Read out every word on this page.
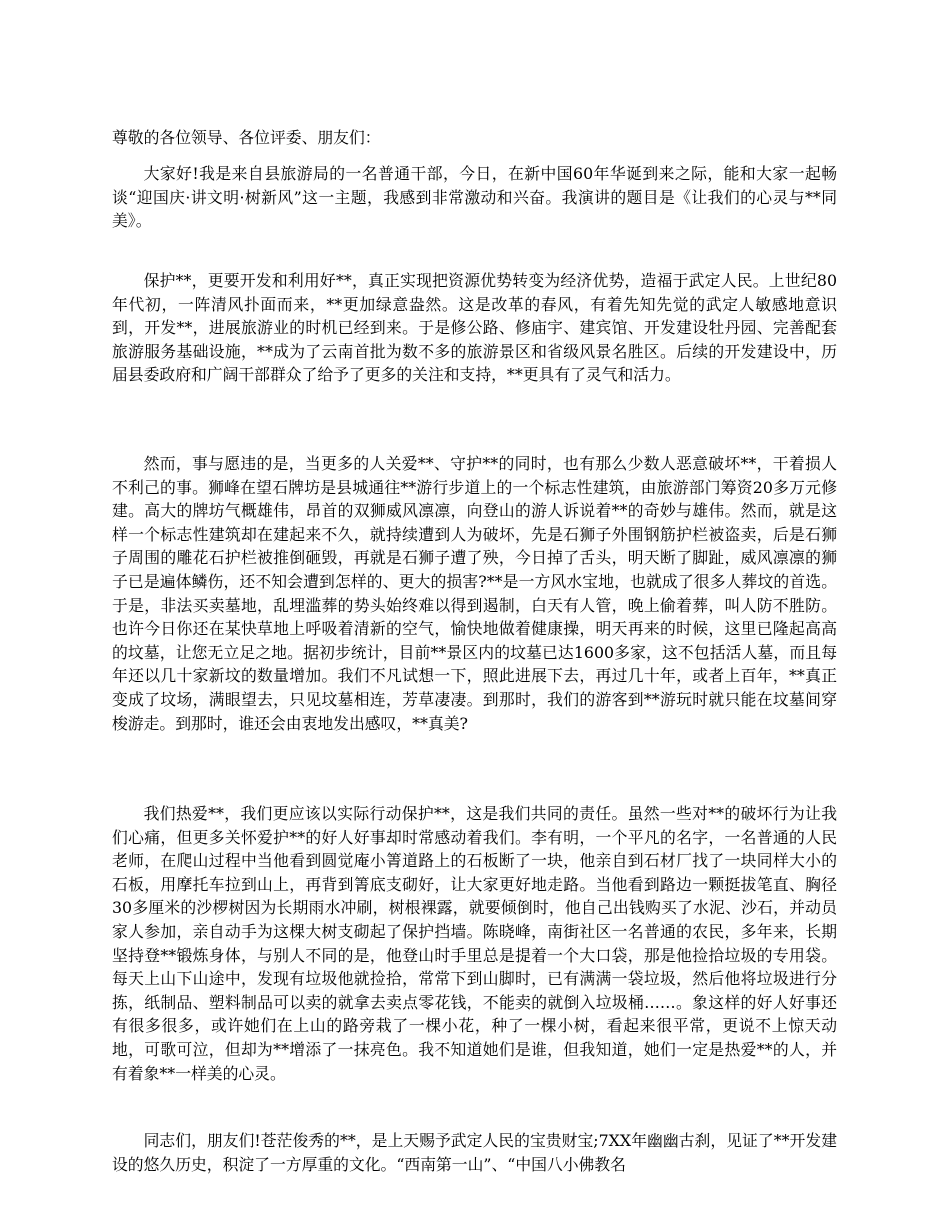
尊敬的各位领导、各位评委、朋友们：

大家好!我是来自县旅游局的一名普通干部，今日，在新中国60年华诞到来之际，能和大家一起畅谈“迎国庆·讲文明·树新风”这一主题，我感到非常激动和兴奋。我演讲的题目是《让我们的心灵与**同美》。

保护**，更要开发和利用好**，真正实现把资源优势转变为经济优势，造福于武定人民。上世纪80年代初，一阵清风扑面而来，**更加绿意盎然。这是改革的春风，有着先知先觉的武定人敏感地意识到，开发**，进展旅游业的时机已经到来。于是修公路、修庙宇、建宾馆、开发建设牡丹园、完善配套旅游服务基础设施，**成为了云南首批为数不多的旅游景区和省级风景名胜区。后续的开发建设中，历届县委政府和广阔干部群众了给予了更多的关注和支持，**更具有了灵气和活力。

然而，事与愿违的是，当更多的人关爱**、守护**的同时，也有那么少数人恶意破坏**，干着损人不利己的事。狮峰在望石牌坊是县城通往**游行步道上的一个标志性建筑，由旅游部门筹资20多万元修建。高大的牌坊气概雄伟，昂首的双狮威风凛凛，向登山的游人诉说着**的奇妙与雄伟。然而，就是这样一个标志性建筑却在建起来不久，就持续遭到人为破坏，先是石狮子外围钢筋护栏被盗卖，后是石狮子周围的雕花石护栏被推倒砸毁，再就是石狮子遭了殃，今日掉了舌头，明天断了脚趾，威风凛凛的狮子已是遍体鳞伤，还不知会遭到怎样的、更大的损害?**是一方风水宝地，也就成了很多人葬坟的首选。于是，非法买卖墓地，乱埋滥葬的势头始终难以得到遏制，白天有人管，晚上偷着葬，叫人防不胜防。也许今日你还在某快草地上呼吸着清新的空气，愉快地做着健康操，明天再来的时候，这里已隆起高高的坟墓，让您无立足之地。据初步统计，目前**景区内的坟墓已达1600多家，这不包括活人墓，而且每年还以几十家新坟的数量增加。我们不凡试想一下，照此进展下去，再过几十年，或者上百年，**真正变成了坟场，满眼望去，只见坟墓相连，芳草凄凄。到那时，我们的游客到**游玩时就只能在坟墓间穿梭游走。到那时，谁还会由衷地发出感叹，**真美?

我们热爱**，我们更应该以实际行动保护**，这是我们共同的责任。虽然一些对**的破坏行为让我们心痛，但更多关怀爱护**的好人好事却时常感动着我们。李有明，一个平凡的名字，一名普通的人民老师，在爬山过程中当他看到圆觉庵小箐道路上的石板断了一块，他亲自到石材厂找了一块同样大小的石板，用摩托车拉到山上，再背到箐底支砌好，让大家更好地走路。当他看到路边一颗挺拔笔直、胸径30多厘米的沙椤树因为长期雨水冲刷，树根裸露，就要倾倒时，他自己出钱购买了水泥、沙石，并动员家人参加，亲自动手为这棵大树支砌起了保护挡墙。陈晓峰，南街社区一名普通的农民，多年来，长期坚持登**锻炼身体，与别人不同的是，他登山时手里总是提着一个大口袋，那是他捡拾垃圾的专用袋。每天上山下山途中，发现有垃圾他就捡拾，常常下到山脚时，已有满满一袋垃圾，然后他将垃圾进行分拣，纸制品、塑料制品可以卖的就拿去卖点零花钱，不能卖的就倒入垃圾桶……。象这样的好人好事还有很多很多，或许她们在上山的路旁栽了一棵小花，种了一棵小树，看起来很平常，更说不上惊天动地，可歌可泣，但却为**增添了一抹亮色。我不知道她们是谁，但我知道，她们一定是热爱**的人，并有着象**一样美的心灵。

同志们，朋友们!苍茫俊秀的**，是上天赐予武定人民的宝贵财宝;7XX年幽幽古刹，见证了**开发建设的悠久历史，积淀了一方厚重的文化。“西南第一山”、“中国八小佛教名
